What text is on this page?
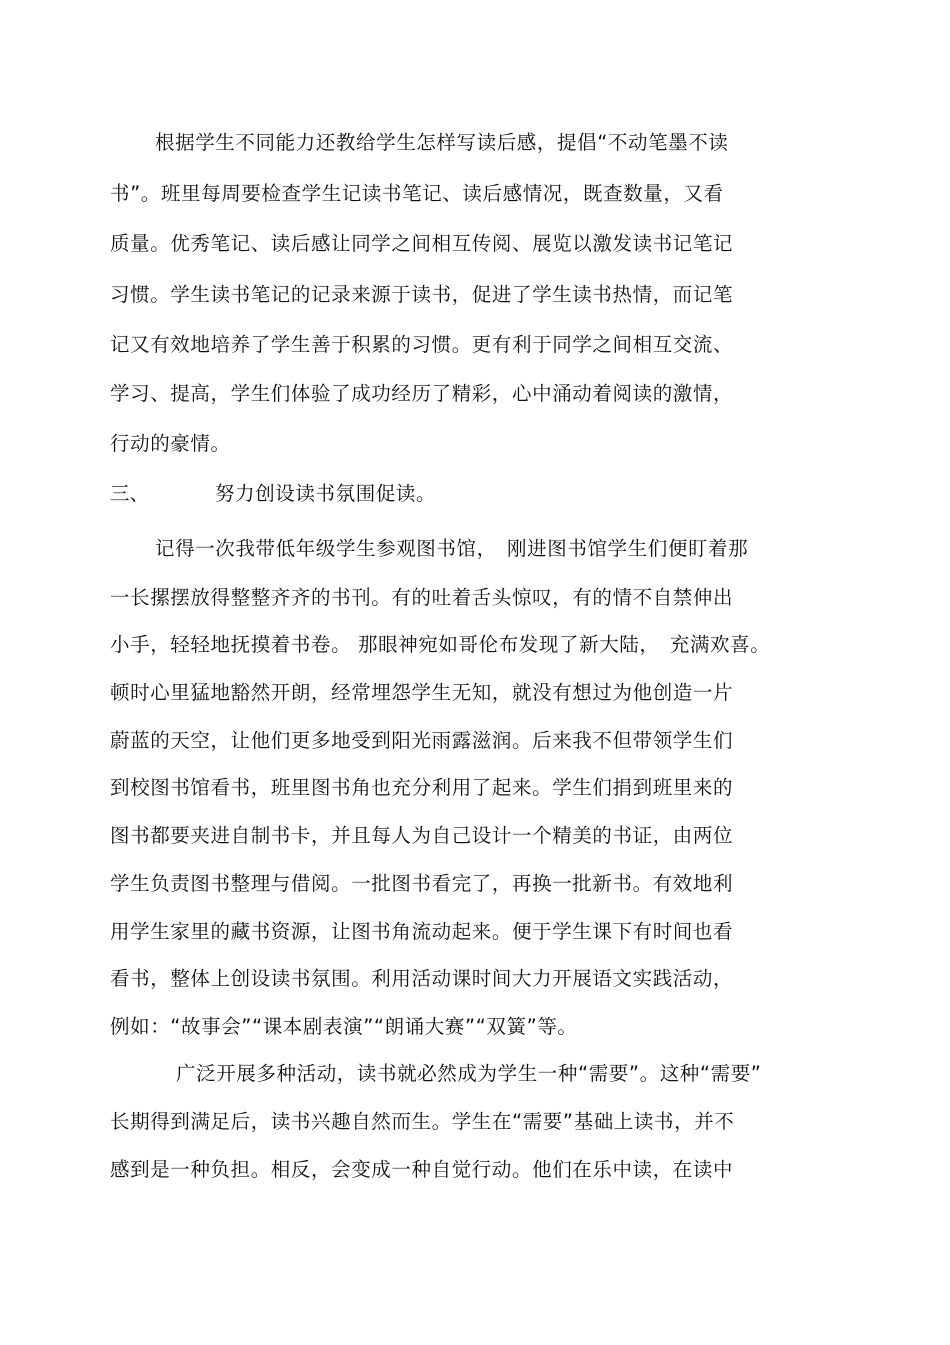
根据学生不同能力还教给学生怎样写读后感，提倡“不动笔墨不读
书”。班里每周要检查学生记读书笔记、读后感情况，既查数量，又看
质量。优秀笔记、读后感让同学之间相互传阅、展览以激发读书记笔记
习惯。学生读书笔记的记录来源于读书，促进了学生读书热情，而记笔
记又有效地培养了学生善于积累的习惯。更有利于同学之间相互交流、
学习、提高，学生们体验了成功经历了精彩，心中涌动着阅读的激情，
行动的豪情。
三、	努力创设读书氛围促读。
记得一次我带低年级学生参观图书馆，　刚进图书馆学生们便盯着那
一长摞摆放得整整齐齐的书刊。有的吐着舌头惊叹，有的情不自禁伸出
小手，轻轻地抚摸着书卷。 那眼神宛如哥伦布发现了新大陆，　充满欢喜。
顿时心里猛地豁然开朗，经常埋怨学生无知，就没有想过为他创造一片
蔚蓝的天空，让他们更多地受到阳光雨露滋润。后来我不但带领学生们
到校图书馆看书，班里图书角也充分利用了起来。学生们捐到班里来的
图书都要夹进自制书卡，并且每人为自己设计一个精美的书证，由两位
学生负责图书整理与借阅。一批图书看完了，再换一批新书。有效地利
用学生家里的藏书资源，让图书角流动起来。便于学生课下有时间也看
看书，整体上创设读书氛围。利用活动课时间大力开展语文实践活动，
例如：“故事会”“课本剧表演”“朗诵大赛”“双簧”等。
广泛开展多种活动，读书就必然成为学生一种“需要”。这种“需要”
长期得到满足后，读书兴趣自然而生。学生在“需要”基础上读书，并不
感到是一种负担。相反，会变成一种自觉行动。他们在乐中读，在读中
